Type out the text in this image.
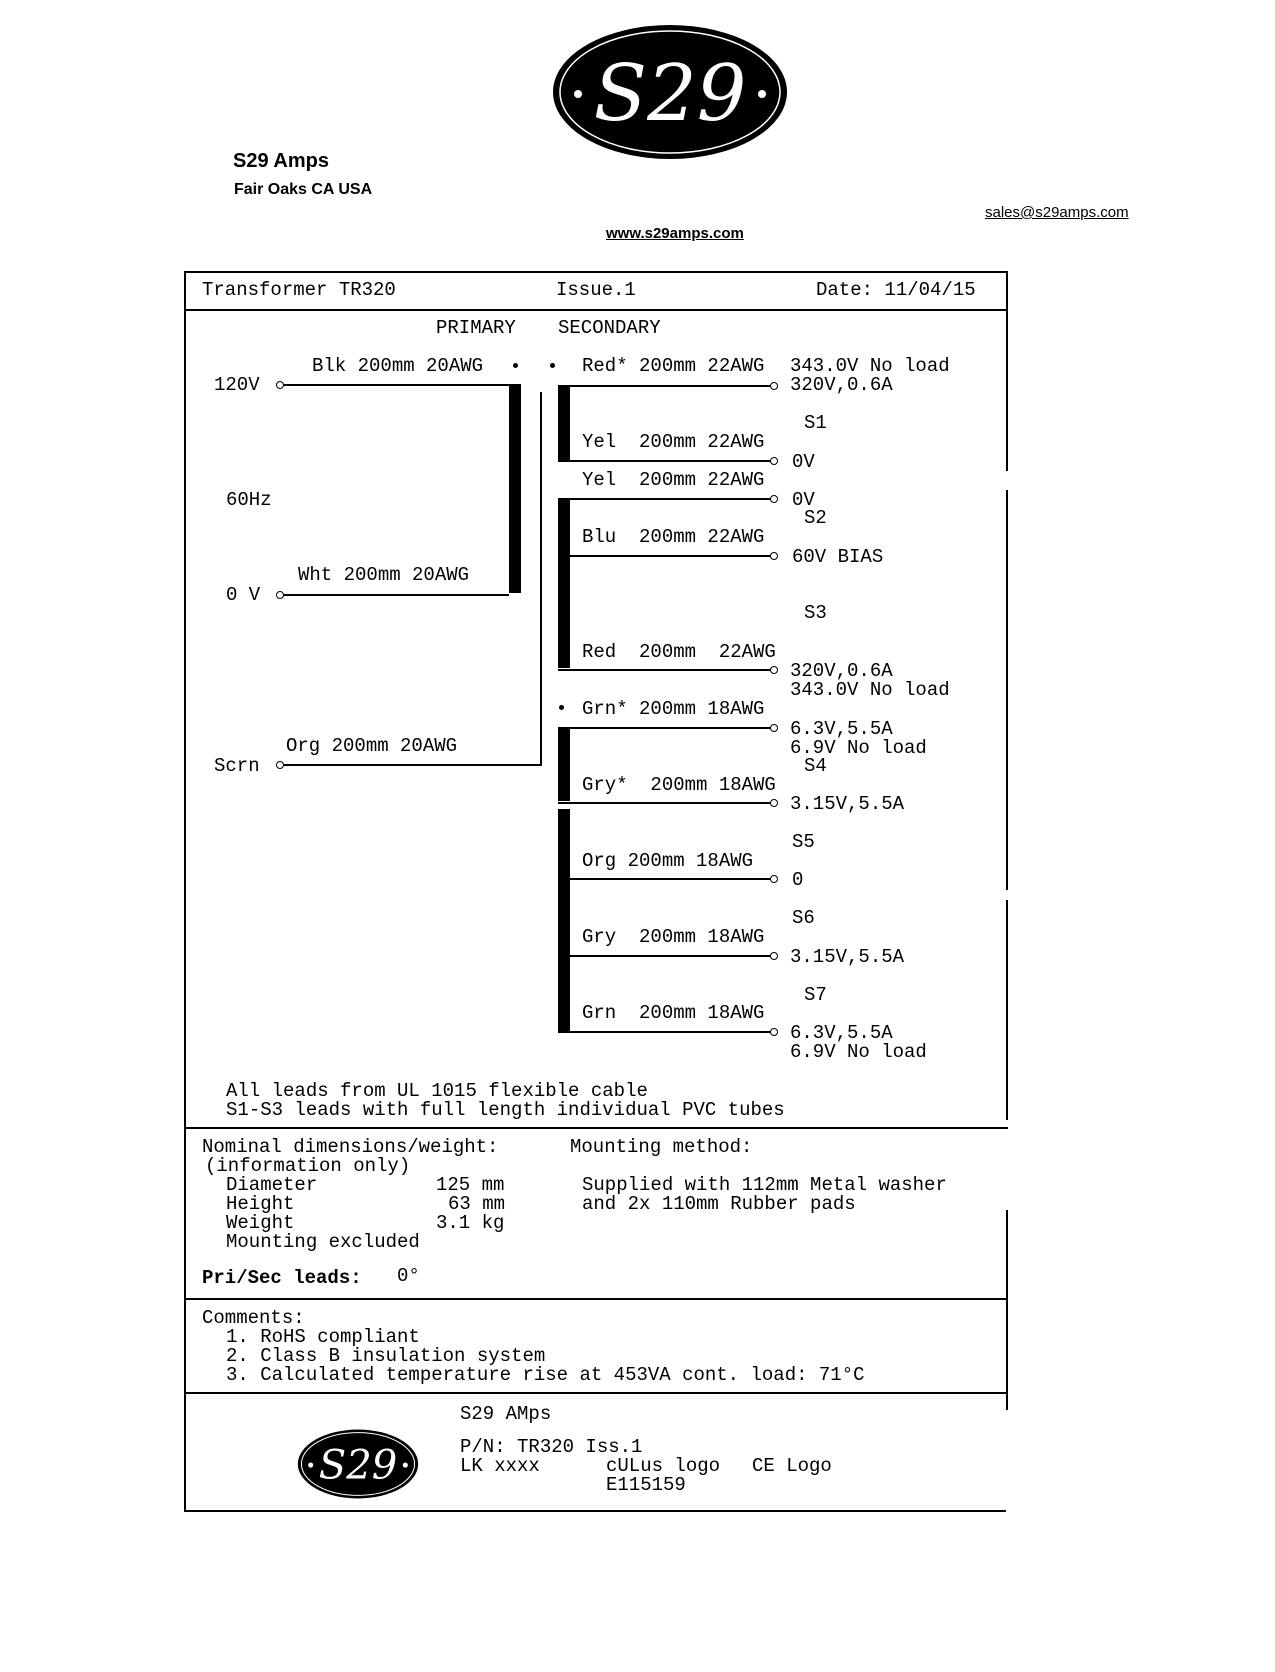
S29
S29 Amps
Fair Oaks CA USA
sales@s29amps.com
www.s29amps.com
Transformer TR320	Issue.1	Date: 11/04/15
PRIMARY SECONDARY
120V
Blk 200mm 20AWG
60Hz
Wht 200mm 20AWG
0 V
Org 200mm 20AWG
Scrn
Red* 200mm 22AWG 343.0V No load
320V,0.6A
S1
Yel  200mm 22AWG
0V
Yel  200mm 22AWG
0V
S2
Blu  200mm 22AWG
60V BIAS
S3
Red  200mm  22AWG
320V,0.6A
343.0V No load
Grn* 200mm 18AWG
6.3V,5.5A
6.9V No load
S4
Gry*  200mm 18AWG
3.15V,5.5A
S5
Org 200mm 18AWG
0
S6
Gry  200mm 18AWG
3.15V,5.5A
S7
Grn  200mm 18AWG
6.3V,5.5A
6.9V No load
All leads from UL 1015 flexible cable
S1-S3 leads with full length individual PVC tubes
Nominal dimensions/weight:
(information only)
Diameter	125 mm
Height	63 mm
Weight	3.1 kg
Mounting excluded
Mounting method:
Supplied with 112mm Metal washer
and 2x 110mm Rubber pads
Pri/Sec leads: 0°
Comments:
1. RoHS compliant
2. Class B insulation system
3. Calculated temperature rise at 453VA cont. load: 71°C
S29
S29 AMps
P/N: TR320 Iss.1
LK xxxx	cULus logo CE Logo
E115159
